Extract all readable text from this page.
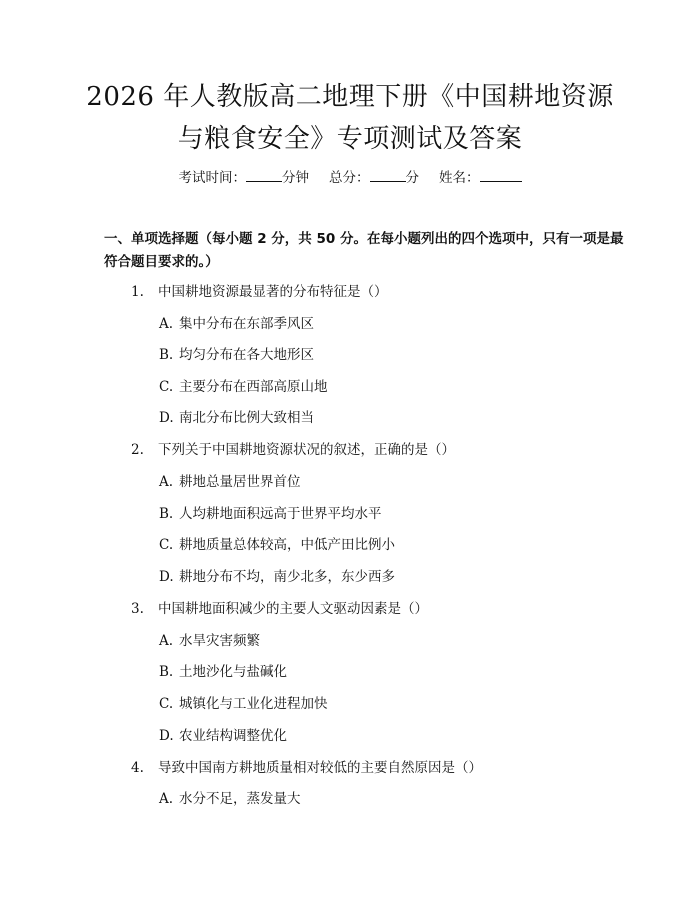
2026 年人教版高二地理下册《中国耕地资源
与粮食安全》专项测试及答案
考试时间：	分钟 总分：	分 姓名：
一、单项选择题（每小题 2 分，共 50 分。在每小题列出的四个选项中，只有一项是最符合题目要求的。）
1. 中国耕地资源最显著的分布特征是（）
A. 集中分布在东部季风区
B. 均匀分布在各大地形区
C. 主要分布在西部高原山地
D. 南北分布比例大致相当
2. 下列关于中国耕地资源状况的叙述，正确的是（）
A. 耕地总量居世界首位
B. 人均耕地面积远高于世界平均水平
C. 耕地质量总体较高，中低产田比例小
D. 耕地分布不均，南少北多，东少西多
3. 中国耕地面积减少的主要人文驱动因素是（）
A. 水旱灾害频繁
B. 土地沙化与盐碱化
C. 城镇化与工业化进程加快
D. 农业结构调整优化
4. 导致中国南方耕地质量相对较低的主要自然原因是（）
A. 水分不足，蒸发量大
